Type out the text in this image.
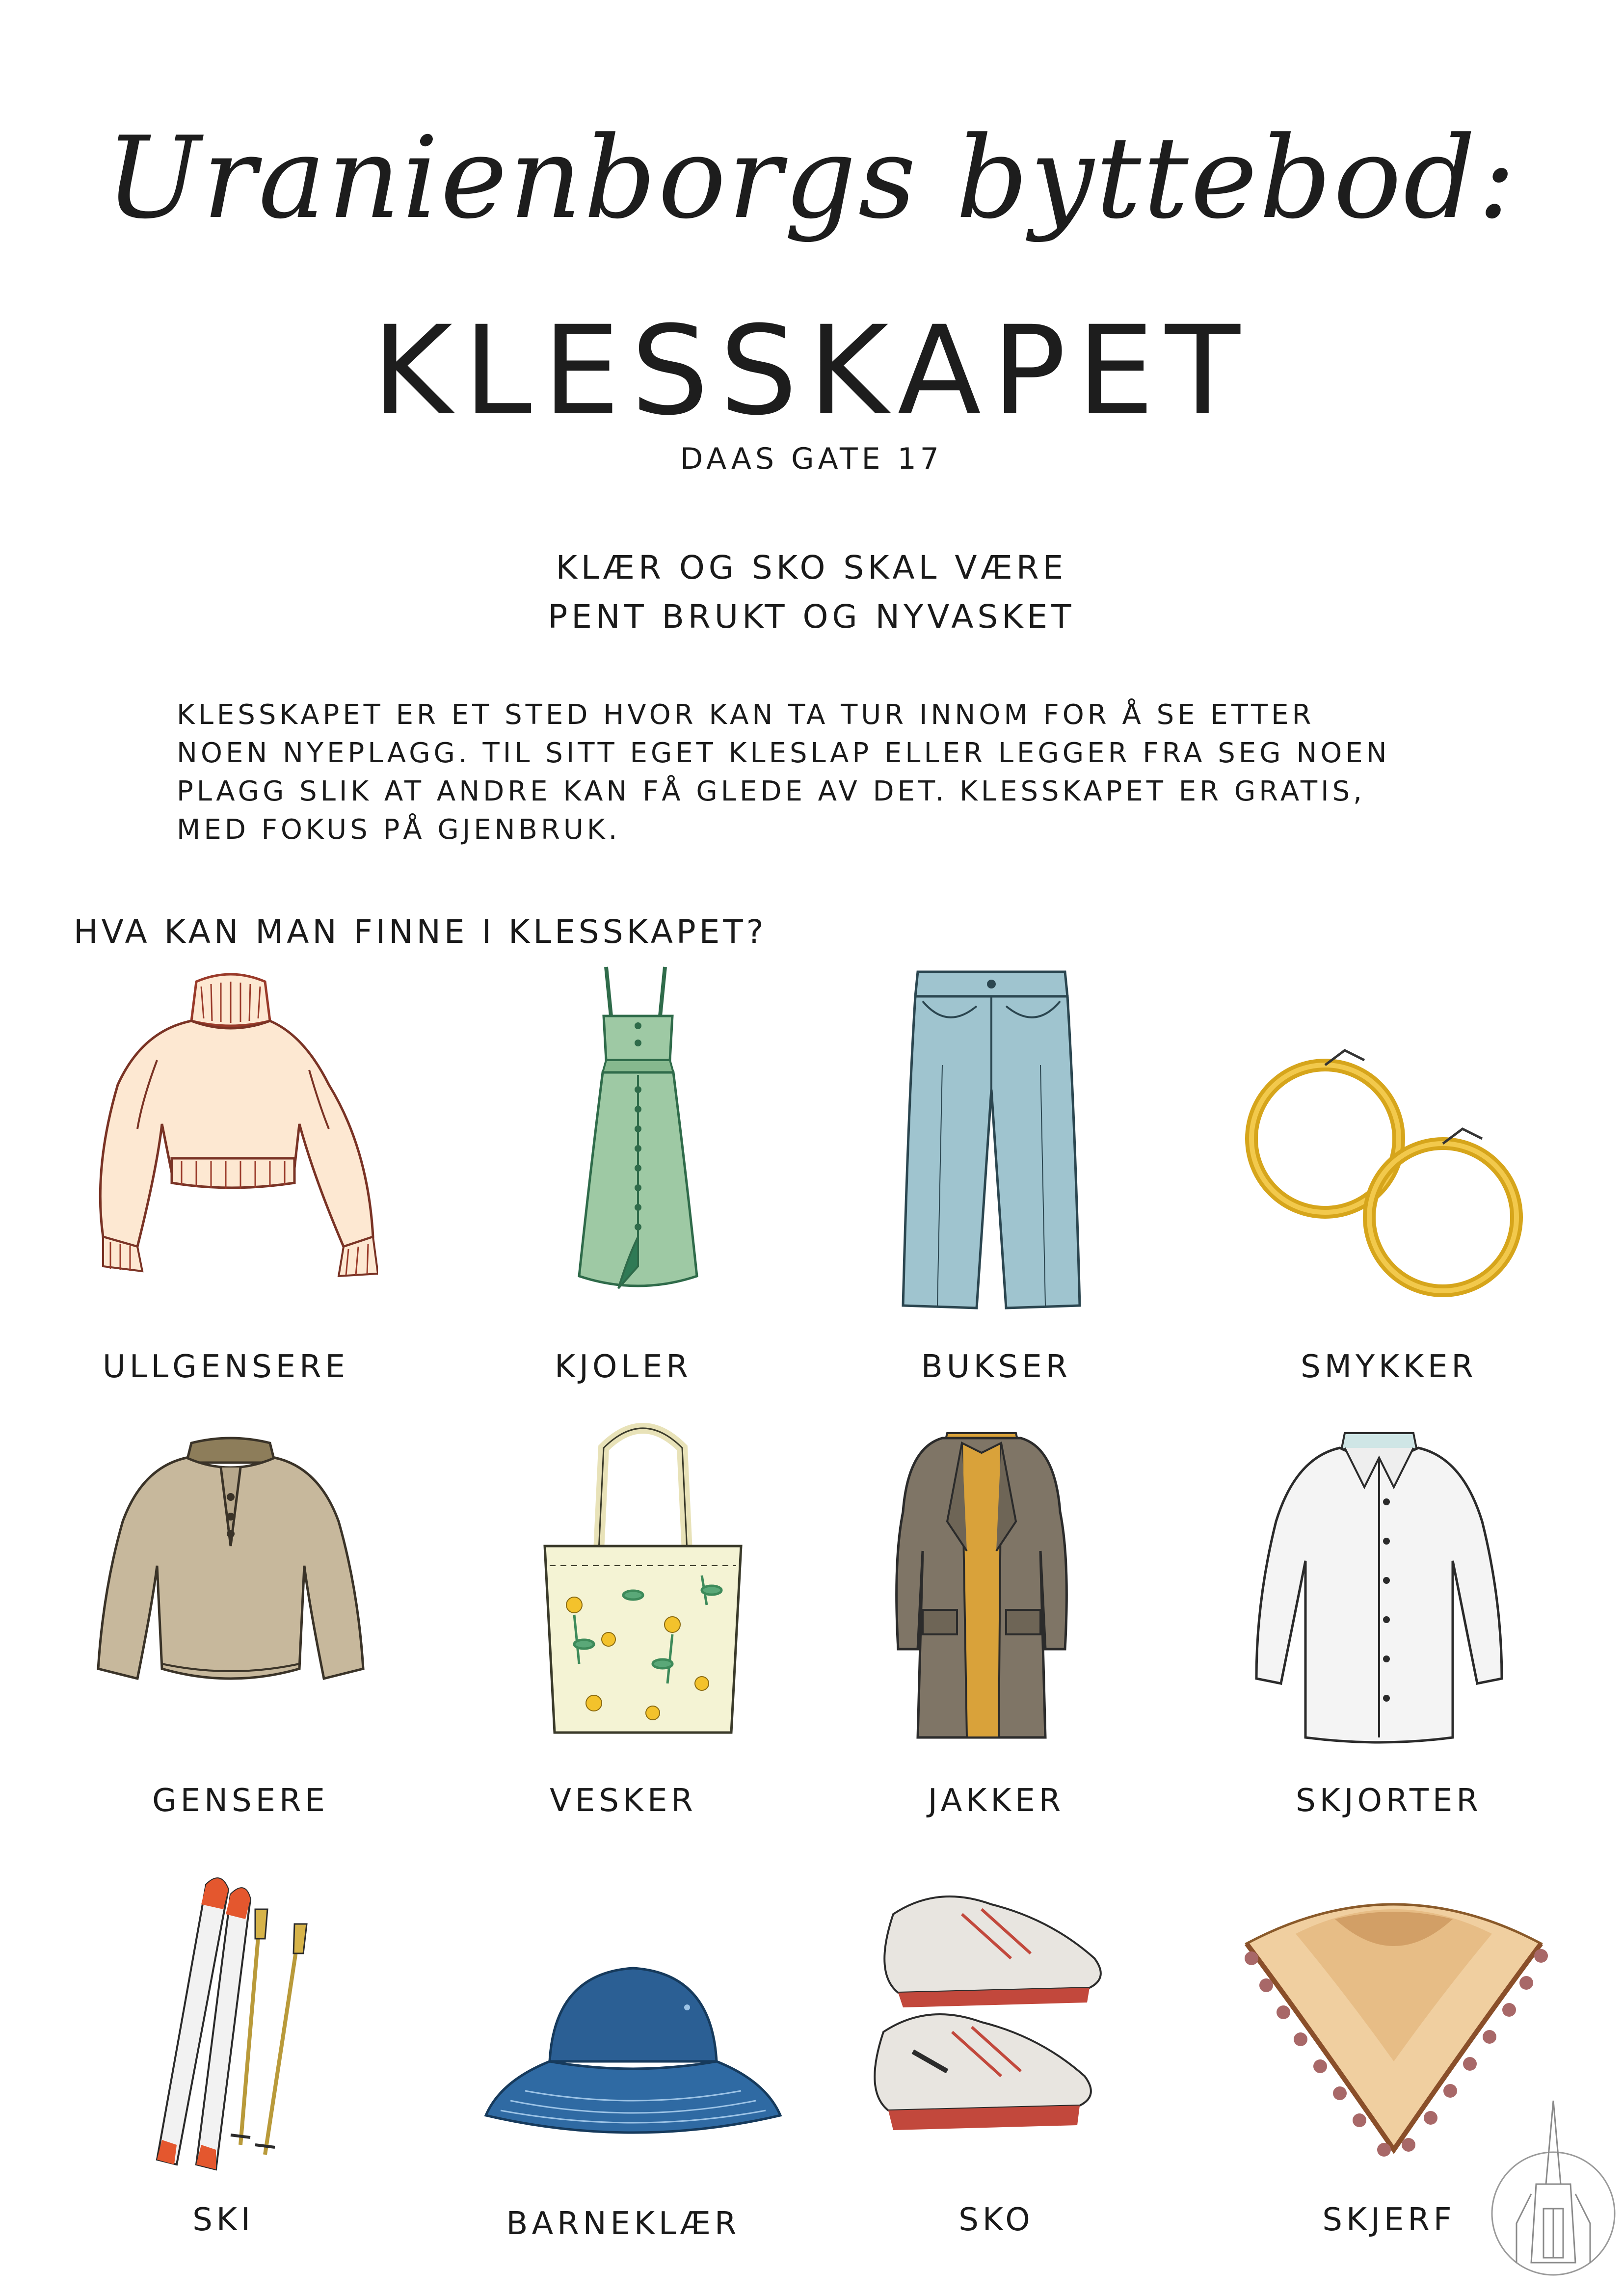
Uranienborgs byttebod:
KLESSKAPET
DAAS GATE 17
KLÆR OG SKO SKAL VÆRE
PENT BRUKT OG NYVASKET
KLESSKAPET ER ET STED HVOR KAN TA TUR INNOM FOR Å SE ETTER
NOEN NYEPLAGG. TIL SITT EGET KLESLAP ELLER LEGGER FRA SEG NOEN
PLAGG SLIK AT ANDRE KAN FÅ GLEDE AV DET. KLESSKAPET ER GRATIS,
MED FOKUS PÅ GJENBRUK.
HVA KAN MAN FINNE I KLESSKAPET?
ULLGENSERE	KJOLER	BUKSER	SMYKKER
GENSERE	VESKER	JAKKER	SKJORTER
SKI	BARNEKLÆR	SKO	SKJERF
